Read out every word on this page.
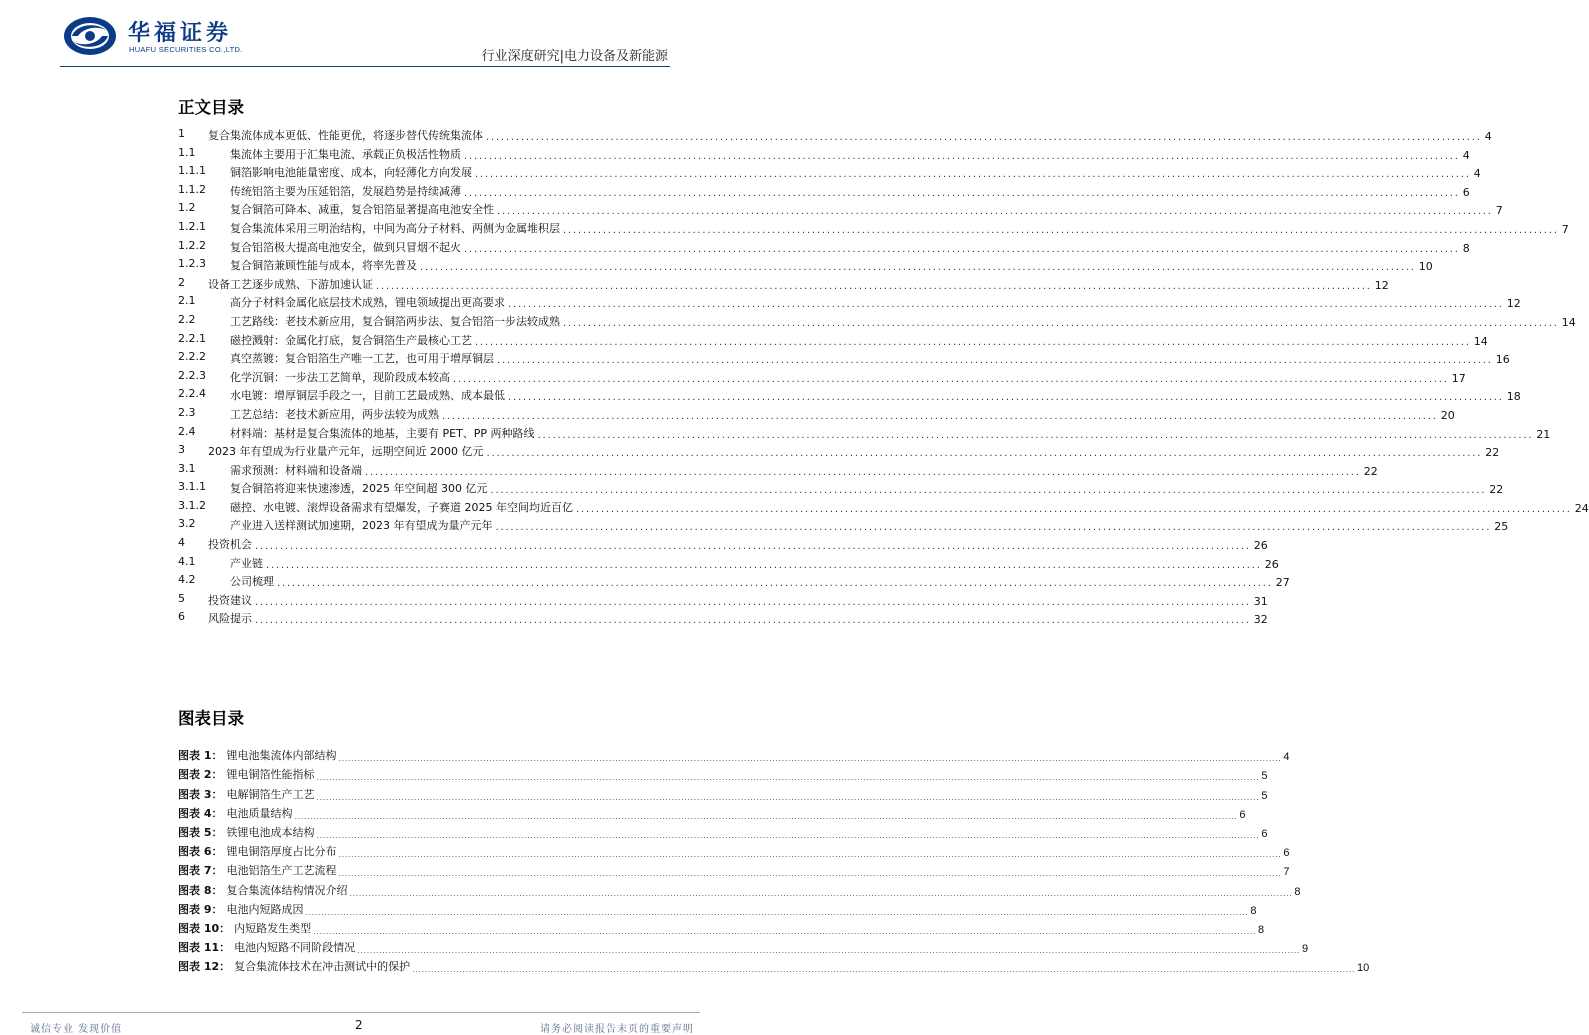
华福证券
HUAFU SECURITIES CO.,LTD.	行业深度研究|电力设备及新能源
正文目录
1 复合集流体成本更低、性能更优，将逐步替代传统集流体 ........................................................................................................................................................................................................ 4
1.1	集流体主要用于汇集电流、承载正负极活性物质 ........................................................................................................................................................................................................ 4
1.1.1 铜箔影响电池能量密度、成本，向轻薄化方向发展 ........................................................................................................................................................................................................ 4
1.1.2 传统铝箔主要为压延铝箔，发展趋势是持续减薄 ........................................................................................................................................................................................................ 6
1.2	复合铜箔可降本、减重，复合铝箔显著提高电池安全性 ........................................................................................................................................................................................................ 7
1.2.1 复合集流体采用三明治结构，中间为高分子材料、两侧为金属堆积层 ........................................................................................................................................................................................................ 7
1.2.2 复合铝箔极大提高电池安全，做到只冒烟不起火 ........................................................................................................................................................................................................ 8
1.2.3 复合铜箔兼顾性能与成本，将率先普及 ........................................................................................................................................................................................................ 10
2 设备工艺逐步成熟、下游加速认证 ........................................................................................................................................................................................................ 12
2.1	高分子材料金属化底层技术成熟，锂电领域提出更高要求 ........................................................................................................................................................................................................ 12
2.2	工艺路线：老技术新应用，复合铜箔两步法、复合铝箔一步法较成熟 ........................................................................................................................................................................................................ 14
2.2.1 磁控溅射：金属化打底，复合铜箔生产最核心工艺 ........................................................................................................................................................................................................ 14
2.2.2 真空蒸镀：复合铝箔生产唯一工艺，也可用于增厚铜层 ........................................................................................................................................................................................................ 16
2.2.3 化学沉铜：一步法工艺简单，现阶段成本较高 ........................................................................................................................................................................................................ 17
2.2.4 水电镀：增厚铜层手段之一，目前工艺最成熟、成本最低 ........................................................................................................................................................................................................ 18
2.3	工艺总结：老技术新应用，两步法较为成熟 ........................................................................................................................................................................................................ 20
2.4	材料端：基材是复合集流体的地基，主要有 PET、PP 两种路线 ........................................................................................................................................................................................................ 21
3 2023 年有望成为行业量产元年，远期空间近 2000 亿元 ........................................................................................................................................................................................................ 22
3.1	需求预测：材料端和设备端 ........................................................................................................................................................................................................ 22
3.1.1 复合铜箔将迎来快速渗透，2025 年空间超 300 亿元 ........................................................................................................................................................................................................ 22
3.1.2 磁控、水电镀、滚焊设备需求有望爆发，子赛道 2025 年空间均近百亿 ........................................................................................................................................................................................................ 24
3.2	产业进入送样测试加速期，2023 年有望成为量产元年 ........................................................................................................................................................................................................ 25
4 投资机会 ........................................................................................................................................................................................................ 26
4.1	产业链 ........................................................................................................................................................................................................ 26
4.2	公司梳理 ........................................................................................................................................................................................................ 27
5 投资建议 ........................................................................................................................................................................................................ 31
6 风险提示 ........................................................................................................................................................................................................ 32
图表目录
图表 1： 锂电池集流体内部结构 ............................................................................................................................................................................................................................................................................................................ 4
图表 2： 锂电铜箔性能指标 ............................................................................................................................................................................................................................................................................................................ 5
图表 3： 电解铜箔生产工艺 ............................................................................................................................................................................................................................................................................................................ 5
图表 4： 电池质量结构 ............................................................................................................................................................................................................................................................................................................ 6
图表 5： 铁锂电池成本结构 ............................................................................................................................................................................................................................................................................................................ 6
图表 6： 锂电铜箔厚度占比分布 ............................................................................................................................................................................................................................................................................................................ 6
图表 7： 电池铝箔生产工艺流程 ............................................................................................................................................................................................................................................................................................................ 7
图表 8： 复合集流体结构情况介绍 ............................................................................................................................................................................................................................................................................................................ 8
图表 9： 电池内短路成因 ............................................................................................................................................................................................................................................................................................................ 8
图表 10： 内短路发生类型 ............................................................................................................................................................................................................................................................................................................ 8
图表 11： 电池内短路不同阶段情况 ............................................................................................................................................................................................................................................................................................................ 9
图表 12： 复合集流体技术在冲击测试中的保护 ............................................................................................................................................................................................................................................................................................................ 10
诚信专业 发现价值	2	请务必阅读报告末页的重要声明
